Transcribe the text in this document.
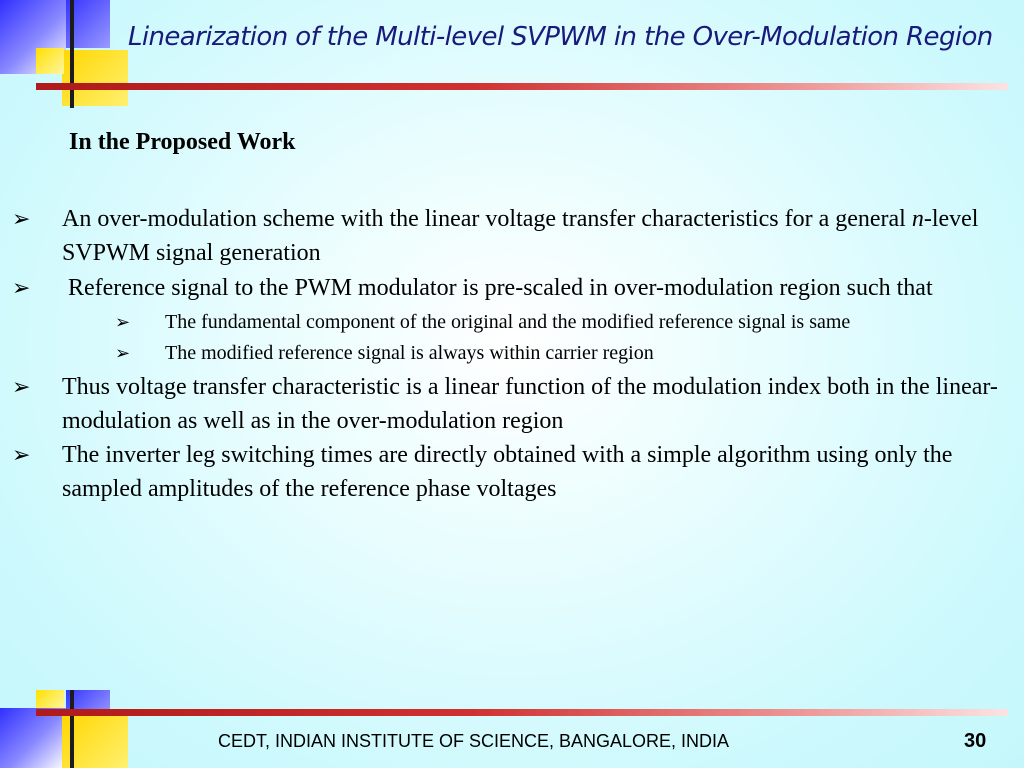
Linearization of the Multi-level SVPWM in the Over-Modulation Region
In the Proposed Work
➢ An over-modulation scheme with the linear voltage transfer characteristics for a general n-level SVPWM signal generation
➢ Reference signal to the PWM modulator is pre-scaled in over-modulation region such that
➢ The fundamental component of the original and the modified reference signal is same
➢ The modified reference signal is always within carrier region
➢ Thus voltage transfer characteristic is a linear function of the modulation index both in the linear-modulation as well as in the over-modulation region
➢ The inverter leg switching times are directly obtained with a simple algorithm using only the sampled amplitudes of the reference phase voltages
CEDT, INDIAN INSTITUTE OF SCIENCE, BANGALORE, INDIA	30
